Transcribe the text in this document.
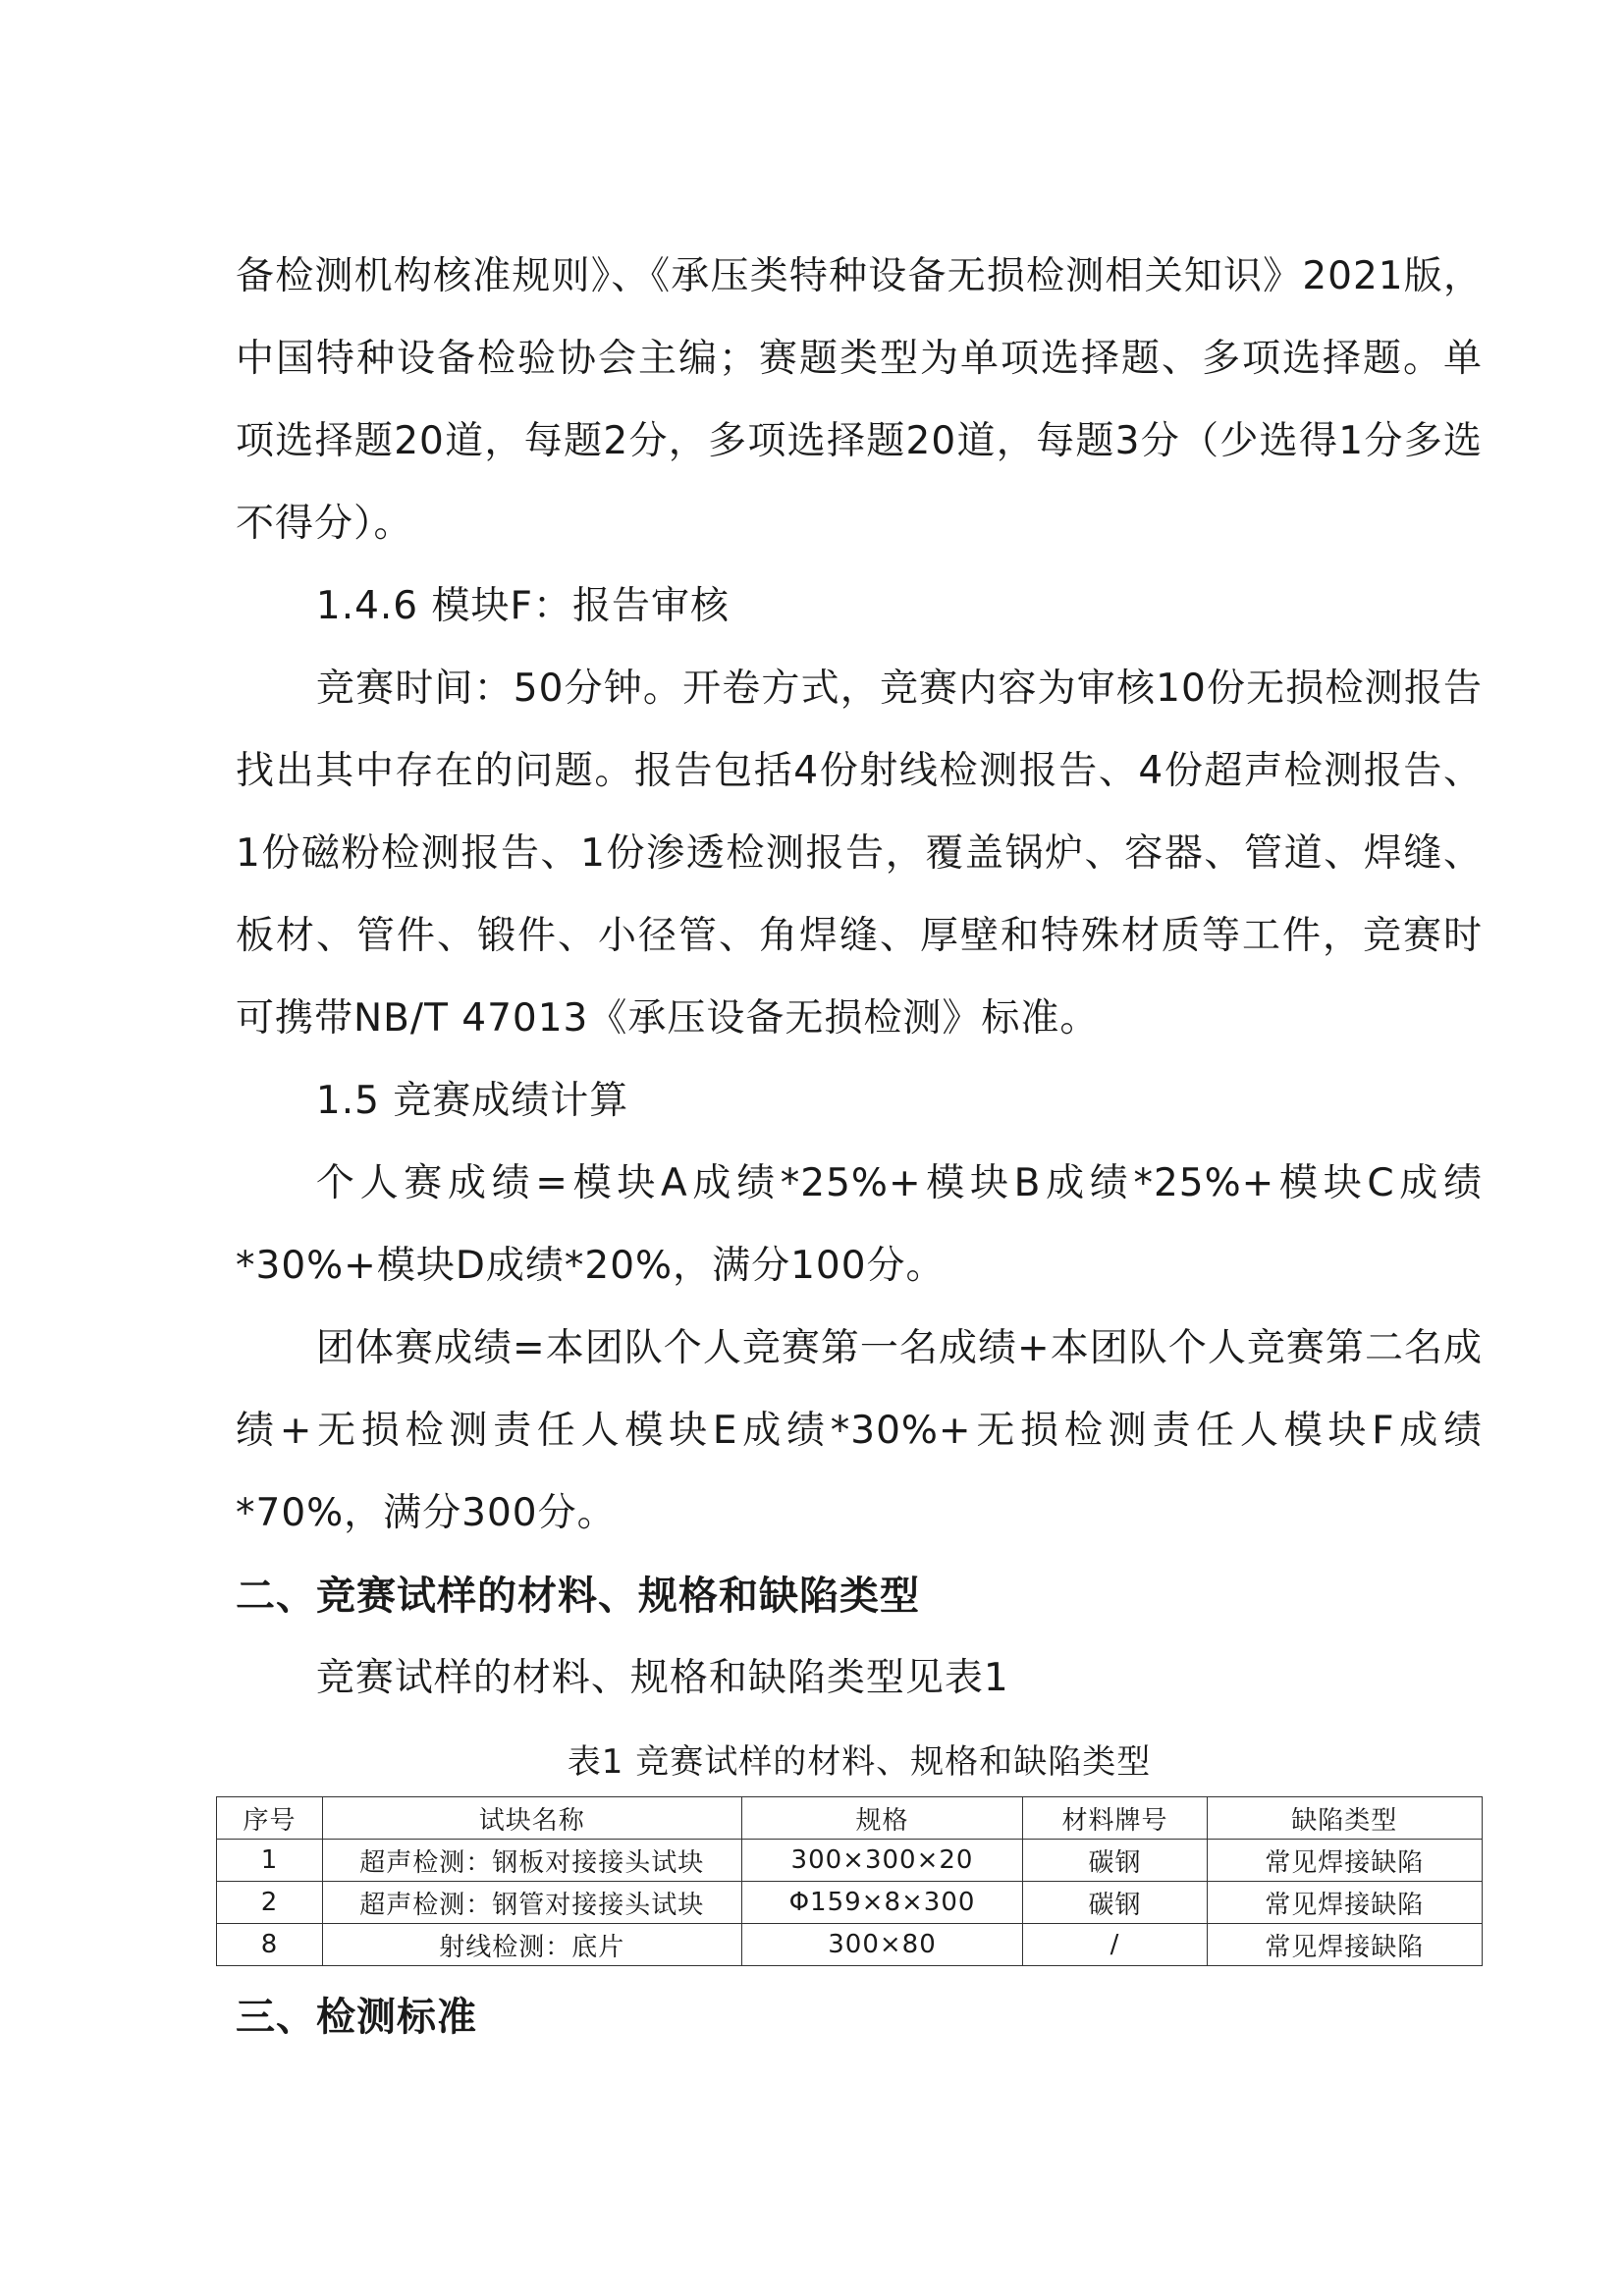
备检测机构核准规则》、《承压类特种设备无损检测相关知识》2021版，中国特种设备检验协会主编；赛题类型为单项选择题、多项选择题。单项选择题20道，每题2分，多项选择题20道，每题3分（少选得1分多选不得分）。

1.4.6 模块F：报告审核

竞赛时间：50分钟。开卷方式，竞赛内容为审核10份无损检测报告找出其中存在的问题。报告包括4份射线检测报告、4份超声检测报告、1份磁粉检测报告、1份渗透检测报告，覆盖锅炉、容器、管道、焊缝、板材、管件、锻件、小径管、角焊缝、厚壁和特殊材质等工件，竞赛时可携带NB/T 47013《承压设备无损检测》标准。

1.5 竞赛成绩计算

个人赛成绩=模块A成绩*25%+模块B成绩*25%+模块C成绩*30%+模块D成绩*20%，满分100分。

团体赛成绩=本团队个人竞赛第一名成绩+本团队个人竞赛第二名成绩+无损检测责任人模块E成绩*30%+无损检测责任人模块F成绩*70%，满分300分。

二、竞赛试样的材料、规格和缺陷类型

竞赛试样的材料、规格和缺陷类型见表1

表1 竞赛试样的材料、规格和缺陷类型

序号	试块名称	规格	材料牌号	缺陷类型
1	超声检测：钢板对接接头试块	300×300×20	碳钢	常见焊接缺陷
2	超声检测：钢管对接接头试块	Φ159×8×300	碳钢	常见焊接缺陷
8	射线检测：底片	300×80	/	常见焊接缺陷

三、检测标准
